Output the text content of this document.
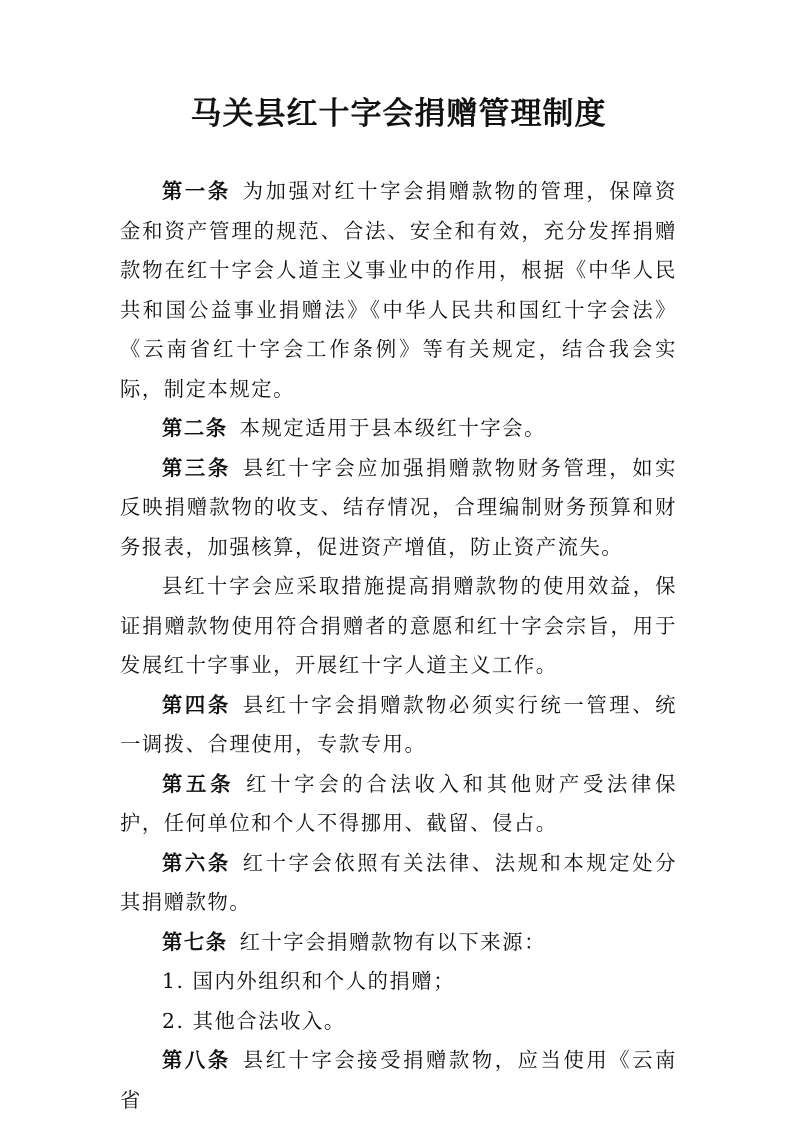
马关县红十字会捐赠管理制度

第一条 为加强对红十字会捐赠款物的管理，保障资金和资产管理的规范、合法、安全和有效，充分发挥捐赠款物在红十字会人道主义事业中的作用，根据《中华人民共和国公益事业捐赠法》《中华人民共和国红十字会法》《云南省红十字会工作条例》等有关规定，结合我会实际，制定本规定。

第二条 本规定适用于县本级红十字会。

第三条 县红十字会应加强捐赠款物财务管理，如实反映捐赠款物的收支、结存情况，合理编制财务预算和财务报表，加强核算，促进资产增值，防止资产流失。

县红十字会应采取措施提高捐赠款物的使用效益，保证捐赠款物使用符合捐赠者的意愿和红十字会宗旨，用于发展红十字事业，开展红十字人道主义工作。

第四条 县红十字会捐赠款物必须实行统一管理、统一调拨、合理使用，专款专用。

第五条 红十字会的合法收入和其他财产受法律保护，任何单位和个人不得挪用、截留、侵占。

第六条 红十字会依照有关法律、法规和本规定处分其捐赠款物。

第七条 红十字会捐赠款物有以下来源：

1. 国内外组织和个人的捐赠；

2. 其他合法收入。

第八条 县红十字会接受捐赠款物，应当使用《云南省
